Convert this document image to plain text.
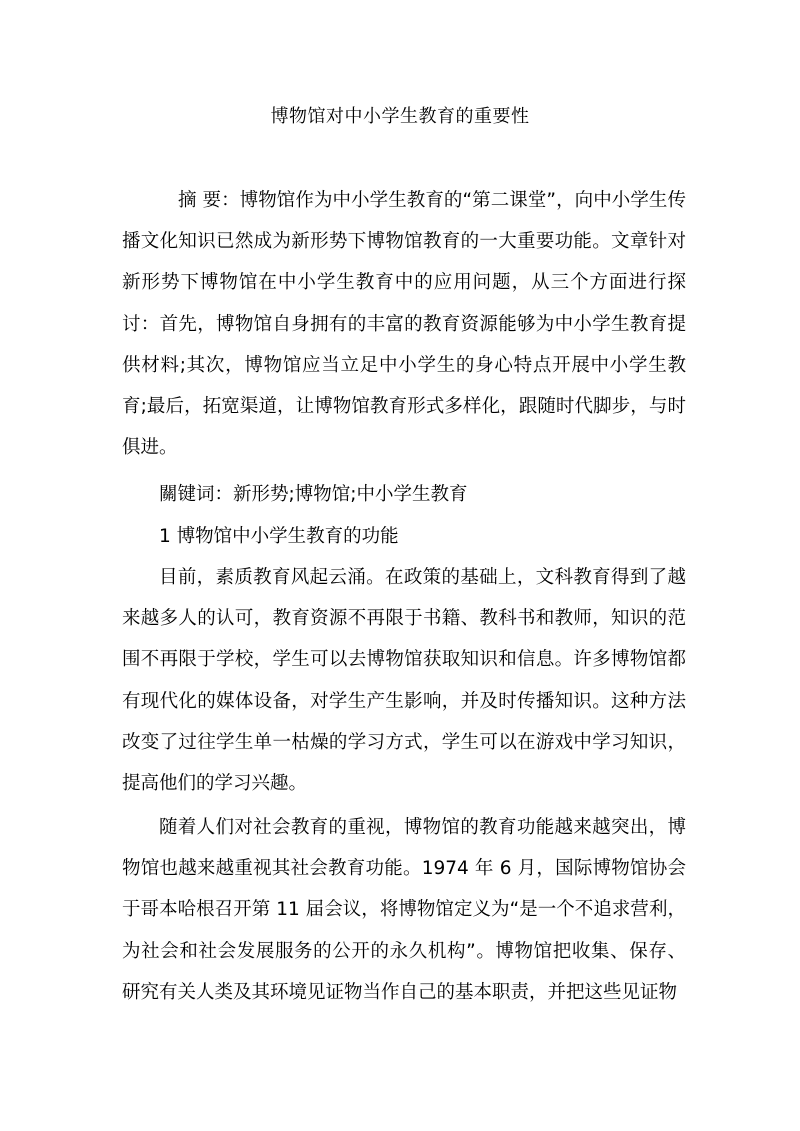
博物馆对中小学生教育的重要性

摘 要：博物馆作为中小学生教育的“第二课堂”，向中小学生传播文化知识已然成为新形势下博物馆教育的一大重要功能。文章针对新形势下博物馆在中小学生教育中的应用问题，从三个方面进行探讨：首先，博物馆自身拥有的丰富的教育资源能够为中小学生教育提供材料;其次，博物馆应当立足中小学生的身心特点开展中小学生教育;最后，拓宽渠道，让博物馆教育形式多样化，跟随时代脚步，与时俱进。

關键词：新形势;博物馆;中小学生教育

1 博物馆中小学生教育的功能

目前，素质教育风起云涌。在政策的基础上，文科教育得到了越来越多人的认可，教育资源不再限于书籍、教科书和教师，知识的范围不再限于学校，学生可以去博物馆获取知识和信息。许多博物馆都有现代化的媒体设备，对学生产生影响，并及时传播知识。这种方法改变了过往学生单一枯燥的学习方式，学生可以在游戏中学习知识，提高他们的学习兴趣。

随着人们对社会教育的重视，博物馆的教育功能越来越突出，博物馆也越来越重视其社会教育功能。1974 年 6 月，国际博物馆协会于哥本哈根召开第 11 届会议，将博物馆定义为“是一个不追求营利，为社会和社会发展服务的公开的永久机构”。博物馆把收集、保存、研究有关人类及其环境见证物当作自己的基本职责，并把这些见证物
